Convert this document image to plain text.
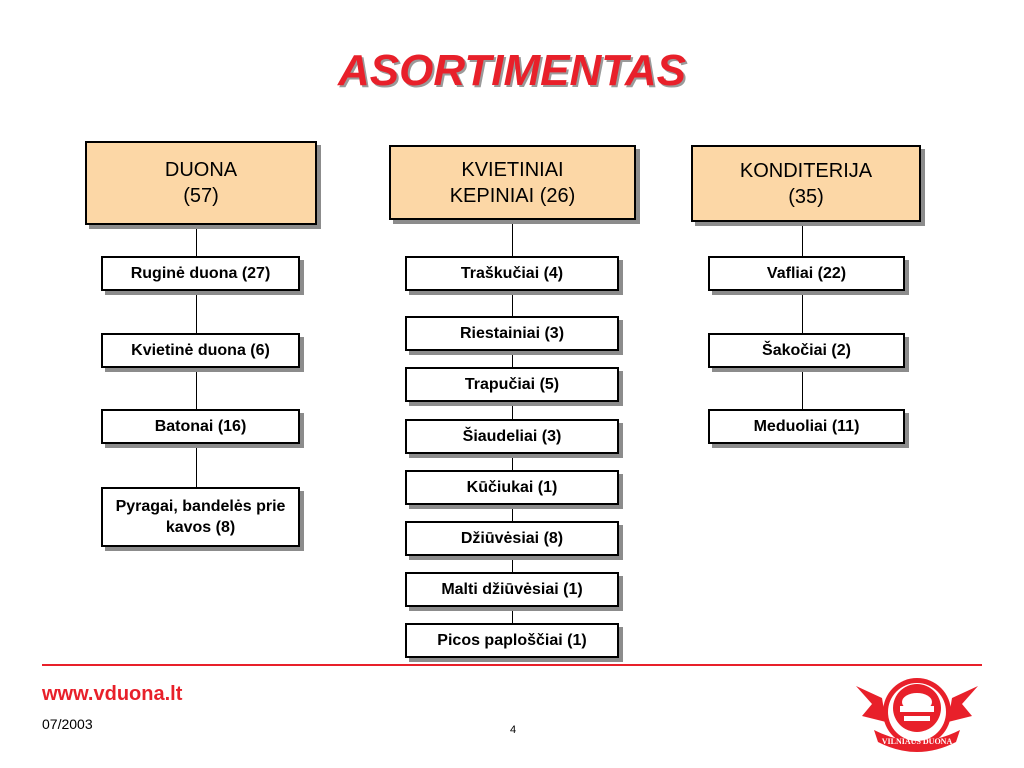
ASORTIMENTAS
DUONA
(57)
Ruginė duona (27)
Kvietinė duona (6)
Batonai (16)
Pyragai, bandelės prie kavos (8)
KVIETINIAI
KEPINIAI (26)
Traškučiai (4)
Riestainiai (3)
Trapučiai (5)
Šiaudeliai (3)
Kūčiukai (1)
Džiūvėsiai (8)
Malti džiūvėsiai (1)
Picos paploščiai (1)
KONDITERIJA
(35)
Vafliai (22)
Šakočiai (2)
Meduoliai (11)
www.vduona.lt
07/2003	4
VILNIAUS DUONA
